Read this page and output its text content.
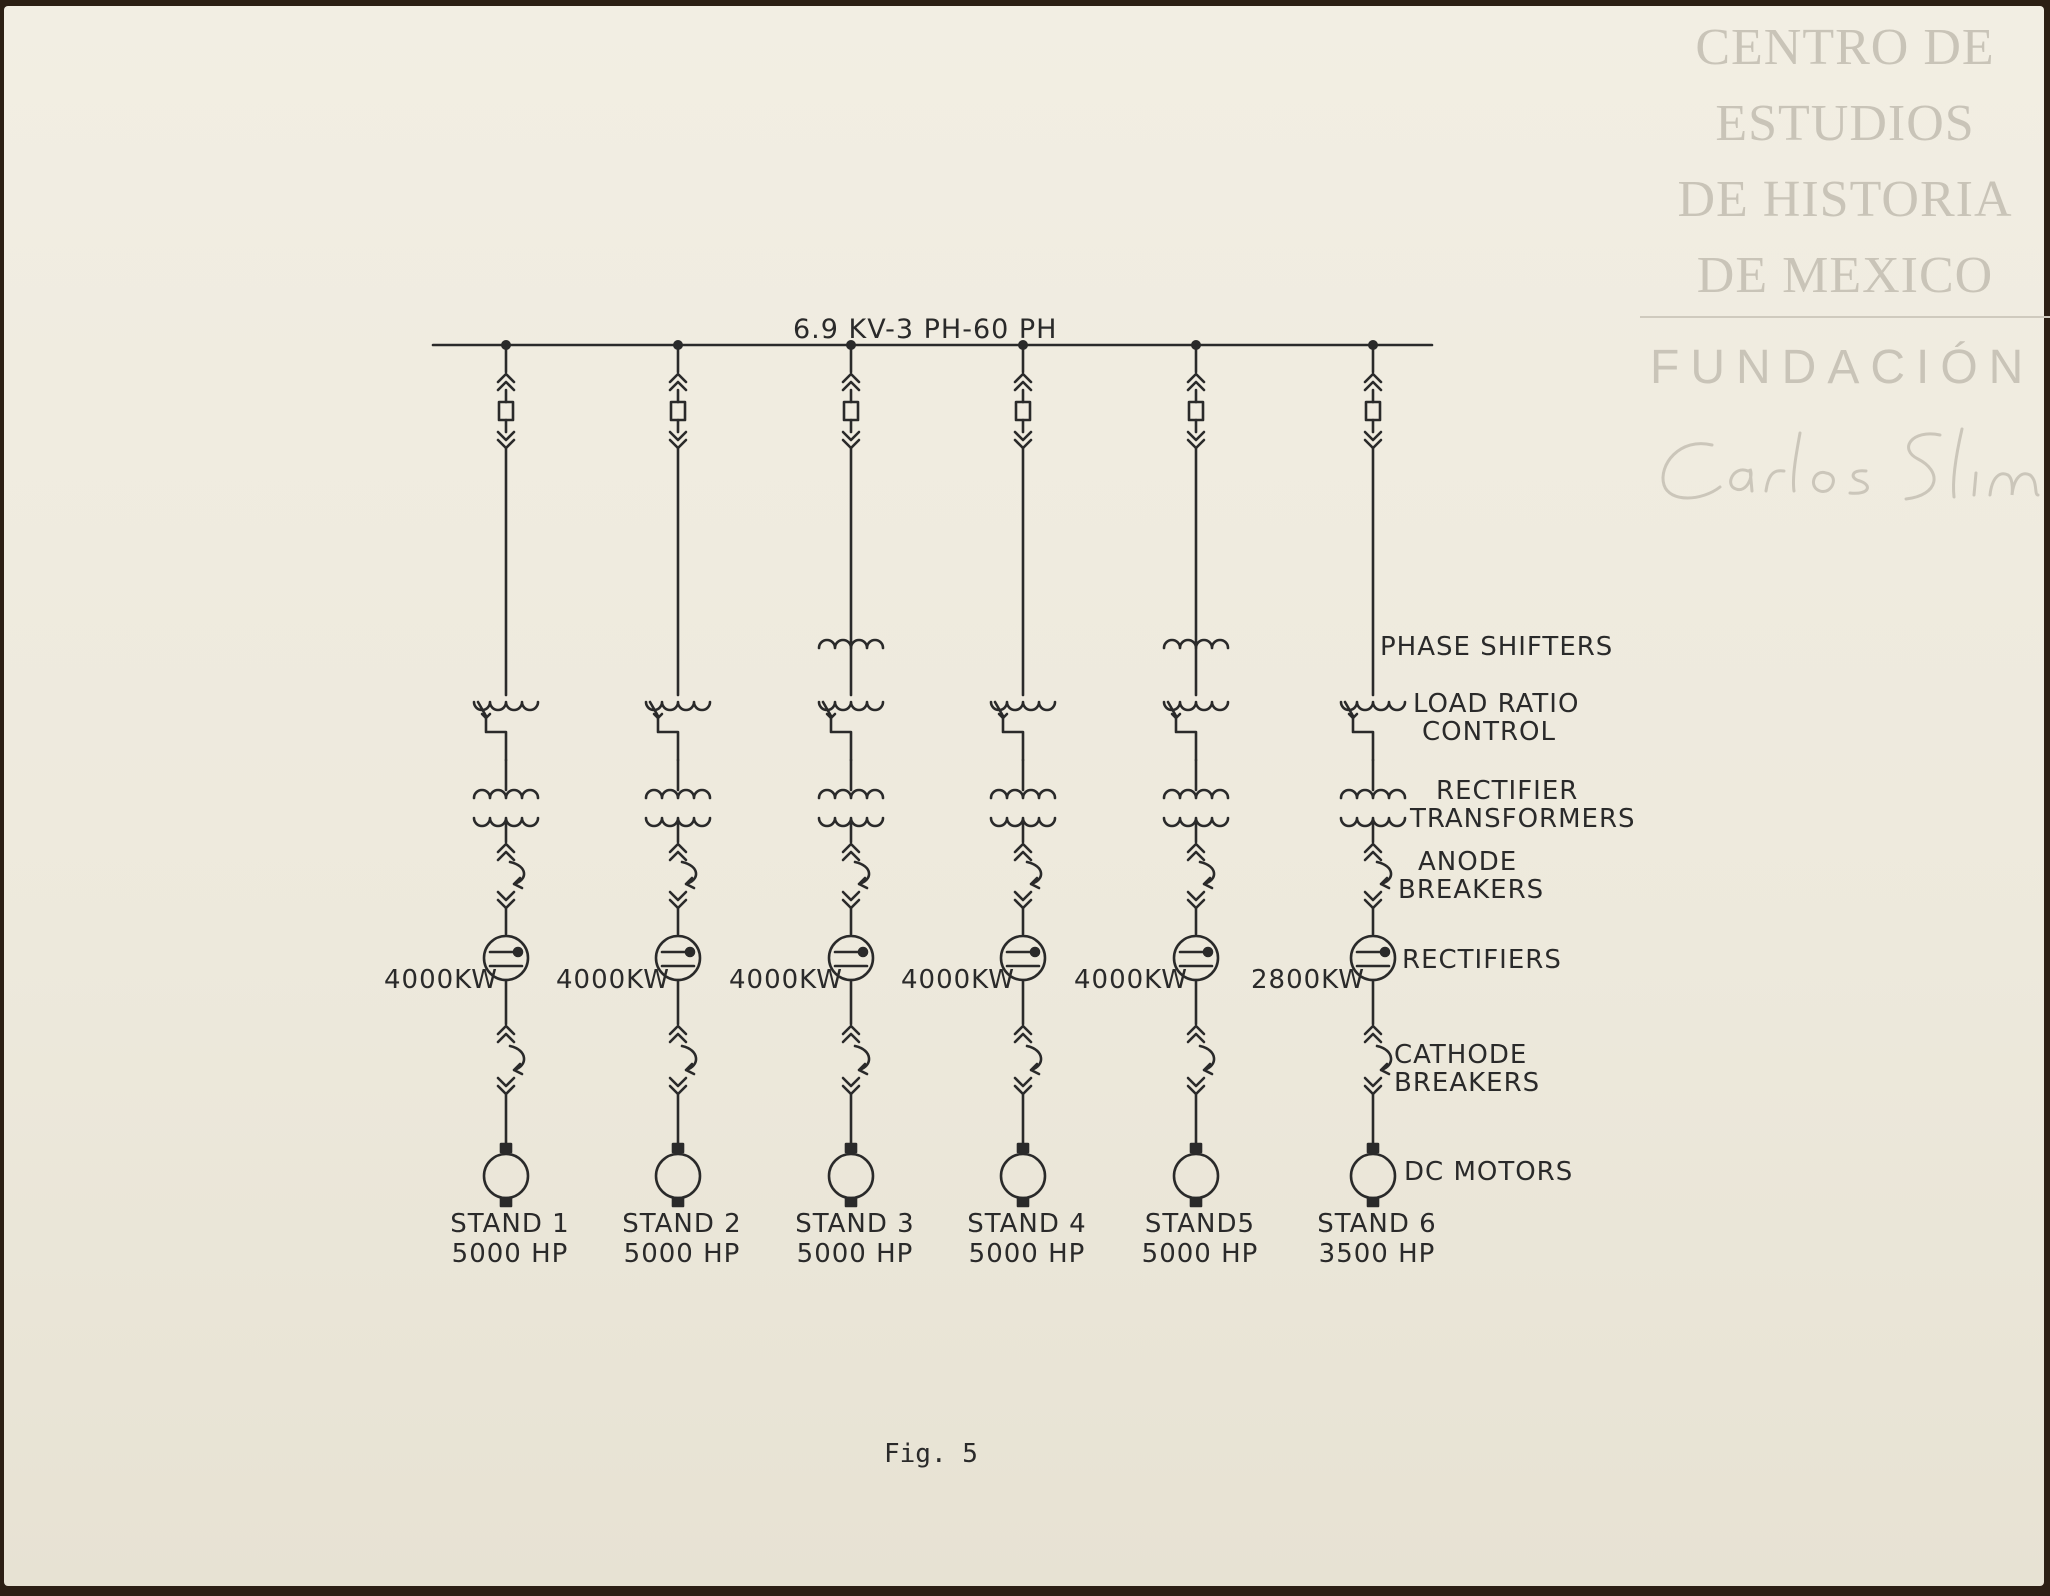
6.9 KV-3 PH-60 PH
4000KW
STAND 1
5000 HP
4000KW
STAND 2
5000 HP
4000KW
STAND 3
5000 HP
4000KW
STAND 4
5000 HP
4000KW
STAND5
5000 HP
2800KW
STAND 6
3500 HP
PHASE SHIFTERS
LOAD RATIO
CONTROL
RECTIFIER
TRANSFORMERS
ANODE
BREAKERS
RECTIFIERS
CATHODE
BREAKERS
DC MOTORS
Fig. 5
CENTRO DE
ESTUDIOS
DE HISTORIA
DE MEXICO
FUNDACIÓN
